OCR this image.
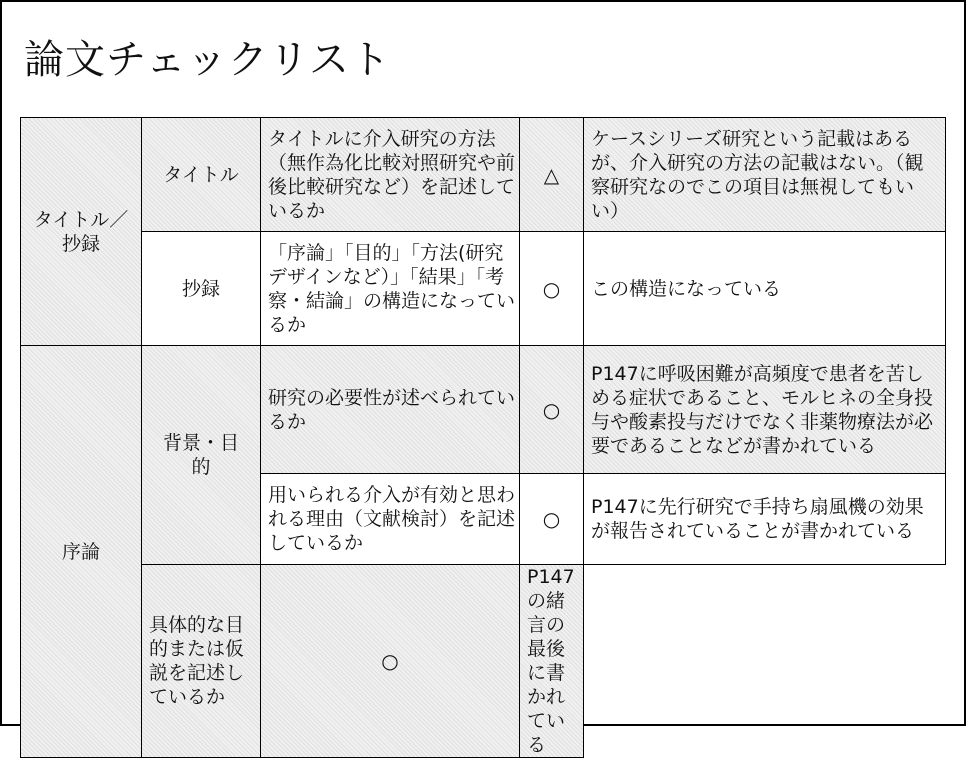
論文チェックリスト
タイトル／抄録	タイトル	タイトルに介入研究の方法（無作為化比較対照研究や前後比較研究など）を記述しているか	△	ケースシリーズ研究という記載はあるが、介入研究の方法の記載はない。（観察研究なのでこの項目は無視してもいい）
	抄録	「序論」「目的」「方法(研究デザインなど）」「結果」「考察・結論」の構造になっているか	○	この構造になっている
序論	背景・目的	研究の必要性が述べられているか	○	P147に呼吸困難が高頻度で患者を苦しめる症状であること、モルヒネの全身投与や酸素投与だけでなく非薬物療法が必要であることなどが書かれている
		用いられる介入が有効と思われる理由（文献検討）を記述しているか	○	P147に先行研究で手持ち扇風機の効果が報告されていることが書かれている
	具体的な目的または仮説を記述しているか	○	P147の緒言の最後に書かれている	
